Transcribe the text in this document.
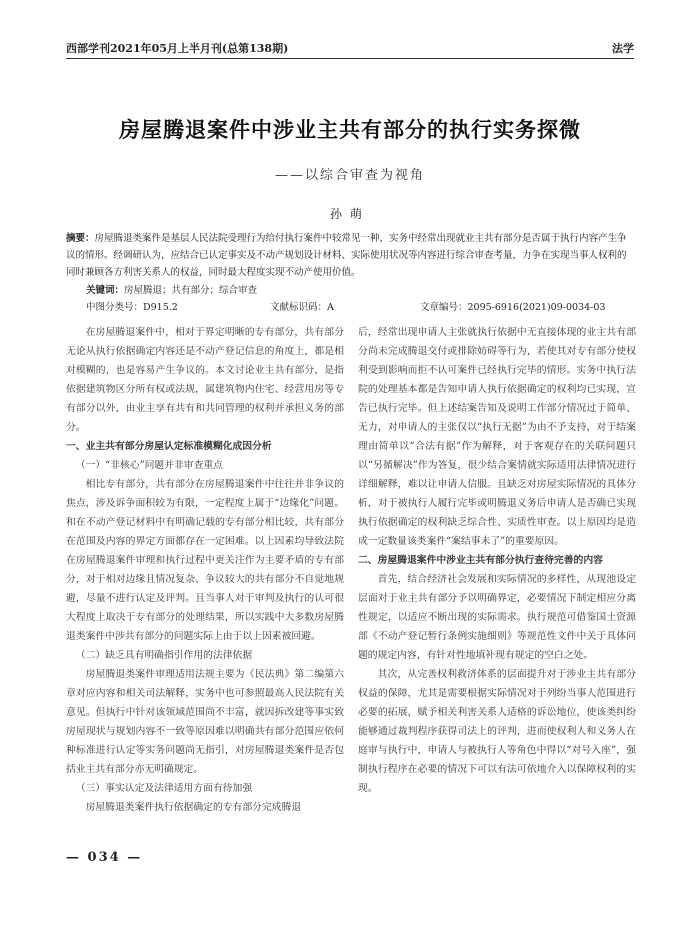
西部学刊2021年05月上半月刊(总第138期)	法学
房屋腾退案件中涉业主共有部分的执行实务探微
——以综合审查为视角
孙萌
摘要：房屋腾退类案件是基层人民法院受理行为给付执行案件中较常见一种，实务中经常出现就业主共有部分是否属于执行内容产生争议的情形。经调研认为，应结合已认定事实及不动产规划设计材料、实际使用状况等内容进行综合审查考量，力争在实现当事人权利的同时兼顾各方利害关系人的权益，同时最大程度实现不动产使用价值。
关键词：房屋腾退；共有部分；综合审查
中图分类号：D915.2	文献标识码：A	文章编号：2095-6916(2021)09-0034-03

在房屋腾退案件中，相对于界定明晰的专有部分，共有部分无论从执行依据确定内容还是不动产登记信息的角度上，都是相对模糊的，也是容易产生争议的。本文讨论业主共有部分，是指依据建筑物区分所有权或法规，属建筑物内住宅、经营用房等专有部分以外，由业主享有共有和共同管理的权利并承担义务的部分。

一、业主共有部分房屋认定标准模糊化成因分析
（一）“非核心”问题并非审查重点

相比专有部分，共有部分在房屋腾退案件中往往并非争议的焦点，涉及诉争面积较为有限，一定程度上属于“边缘化”问题。和在不动产登记材料中有明确记载的专有部分相比较，共有部分在范围及内容的界定方面都存在一定困难。以上因素均导致法院在房屋腾退案件审理和执行过程中更关注作为主要矛盾的专有部分，对于相对边缘且情况复杂、争议较大的共有部分不自觉地规避，尽量不进行认定及评判。且当事人对于审判及执行的认可很大程度上取决于专有部分的处理结果，所以实践中大多数房屋腾退类案件中涉共有部分的问题实际上由于以上因素被回避。

（二）缺乏具有明确指引作用的法律依据

房屋腾退类案件审理适用法规主要为《民法典》第二编第六章对应内容和相关司法解释，实务中也可参照最高人民法院有关意见。但执行中针对该领域范围尚不丰富，就因拆改建等事实致房屋现状与规划内容不一致等原因难以明确共有部分范围应依何种标准进行认定等实务问题尚无指引，对房屋腾退类案件是否包括业主共有部分亦无明确规定。

（三）事实认定及法律适用方面有待加强

房屋腾退类案件执行依据确定的专有部分完成腾退

后，经常出现申请人主张就执行依据中无直接体现的业主共有部分尚未完成腾退交付或排除妨碍等行为，若使其对专有部分使权利受到影响而拒不认可案件已经执行完毕的情形。实务中执行法院的处理基本都是告知申请人执行依据确定的权利均已实现，宣告已执行完毕。但上述结案告知及说明工作部分情况过于简单、无力，对申请人的主张仅以“执行无据”为由不予支持，对于结案理由简单以“合法有据”作为解释，对于客观存在的关联问题只以“另循解决”作为答复，很少结合案情就实际适用法律情况进行详细解释，难以让申请人信服。且缺乏对房屋实际情况的具体分析，对于被执行人履行完毕或明腾退义务后申请人是否确已实现执行依据确定的权利缺乏综合性、实质性审查。以上原因均是造成一定数量该类案件“案结事未了”的重要原因。

二、房屋腾退案件中涉业主共有部分执行查待完善的内容

首先，结合经济社会发展和实际情况的多样性，从现池设定层面对于业主共有部分予以明确界定，必要情况下制定相应分离性规定，以适应不断出现的实际需求。执行规范可借鉴国土资源部《不动产登记暂行条例实施细则》等规范性文件中关于具体问题的规定内容，有针对性地填补现有规定的空白之处。

其次，从完善权利救济体系的层面提升对于涉业主共有部分权益的保障，尤其是需要根据实际情况对于列纷当事人范围进行必要的拓展，赋予相关利害关系人适格的诉讼地位，使该类纠纷能够通过裁判程序获得司法上的评判，进而使权利人和义务人在庭审与执行中，申请人与被执行人等角色中得以“对号入座”，强制执行程序在必要的情况下可以有法可依地介入以保障权利的实现。

— 034 —
